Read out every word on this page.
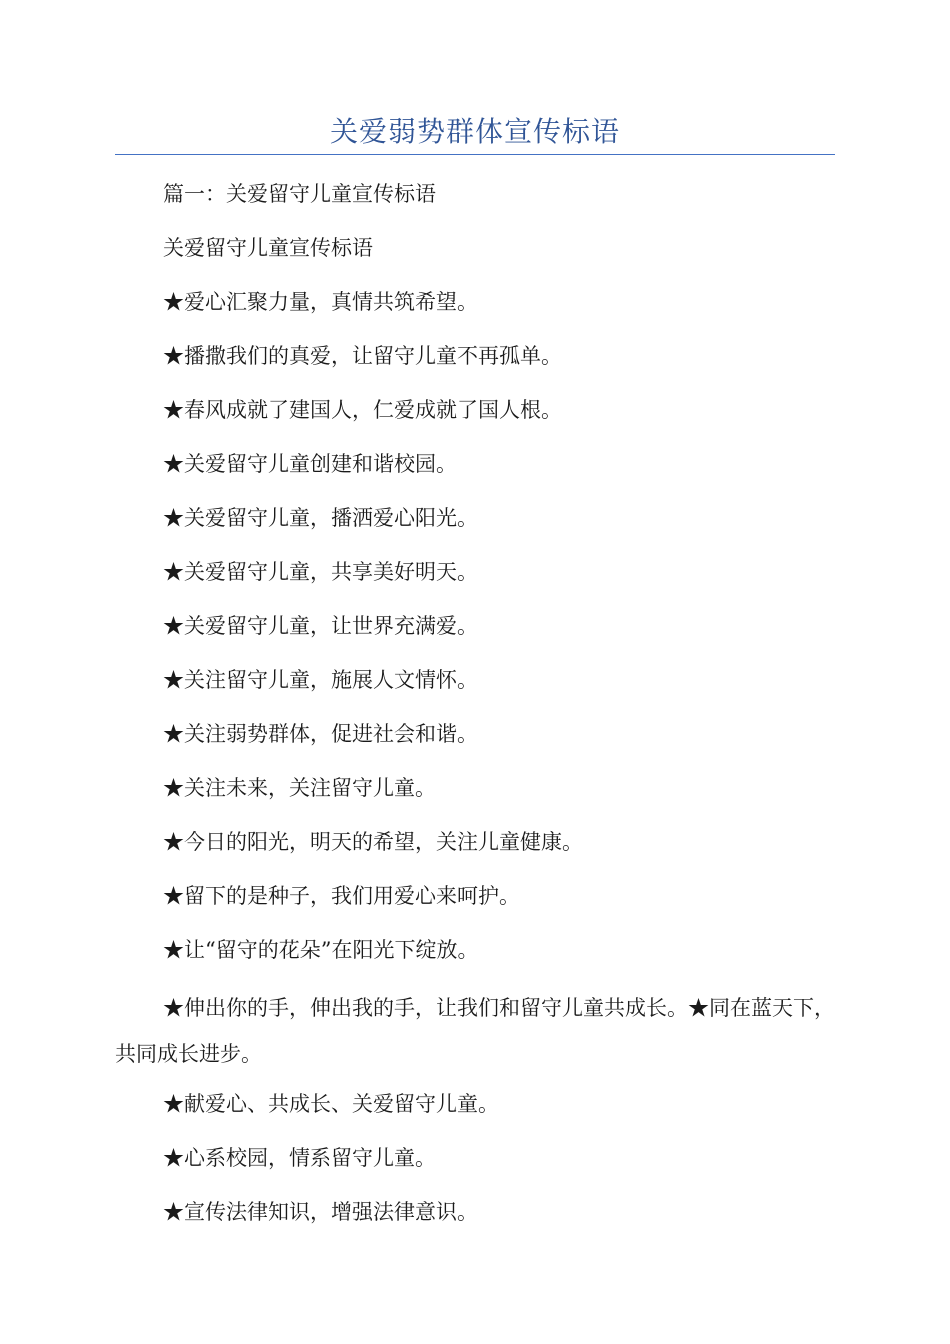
关爱弱势群体宣传标语

篇一：关爱留守儿童宣传标语

关爱留守儿童宣传标语

★爱心汇聚力量，真情共筑希望。

★播撒我们的真爱，让留守儿童不再孤单。

★春风成就了建国人，仁爱成就了国人根。

★关爱留守儿童创建和谐校园。

★关爱留守儿童，播洒爱心阳光。

★关爱留守儿童，共享美好明天。

★关爱留守儿童，让世界充满爱。

★关注留守儿童，施展人文情怀。

★关注弱势群体，促进社会和谐。

★关注未来，关注留守儿童。

★今日的阳光，明天的希望，关注儿童健康。

★留下的是种子，我们用爱心来呵护。

★让“留守的花朵”在阳光下绽放。

★伸出你的手，伸出我的手，让我们和留守儿童共成长。★同在蓝天下，共同成长进步。

★献爱心、共成长、关爱留守儿童。

★心系校园，情系留守儿童。

★宣传法律知识，增强法律意识。
